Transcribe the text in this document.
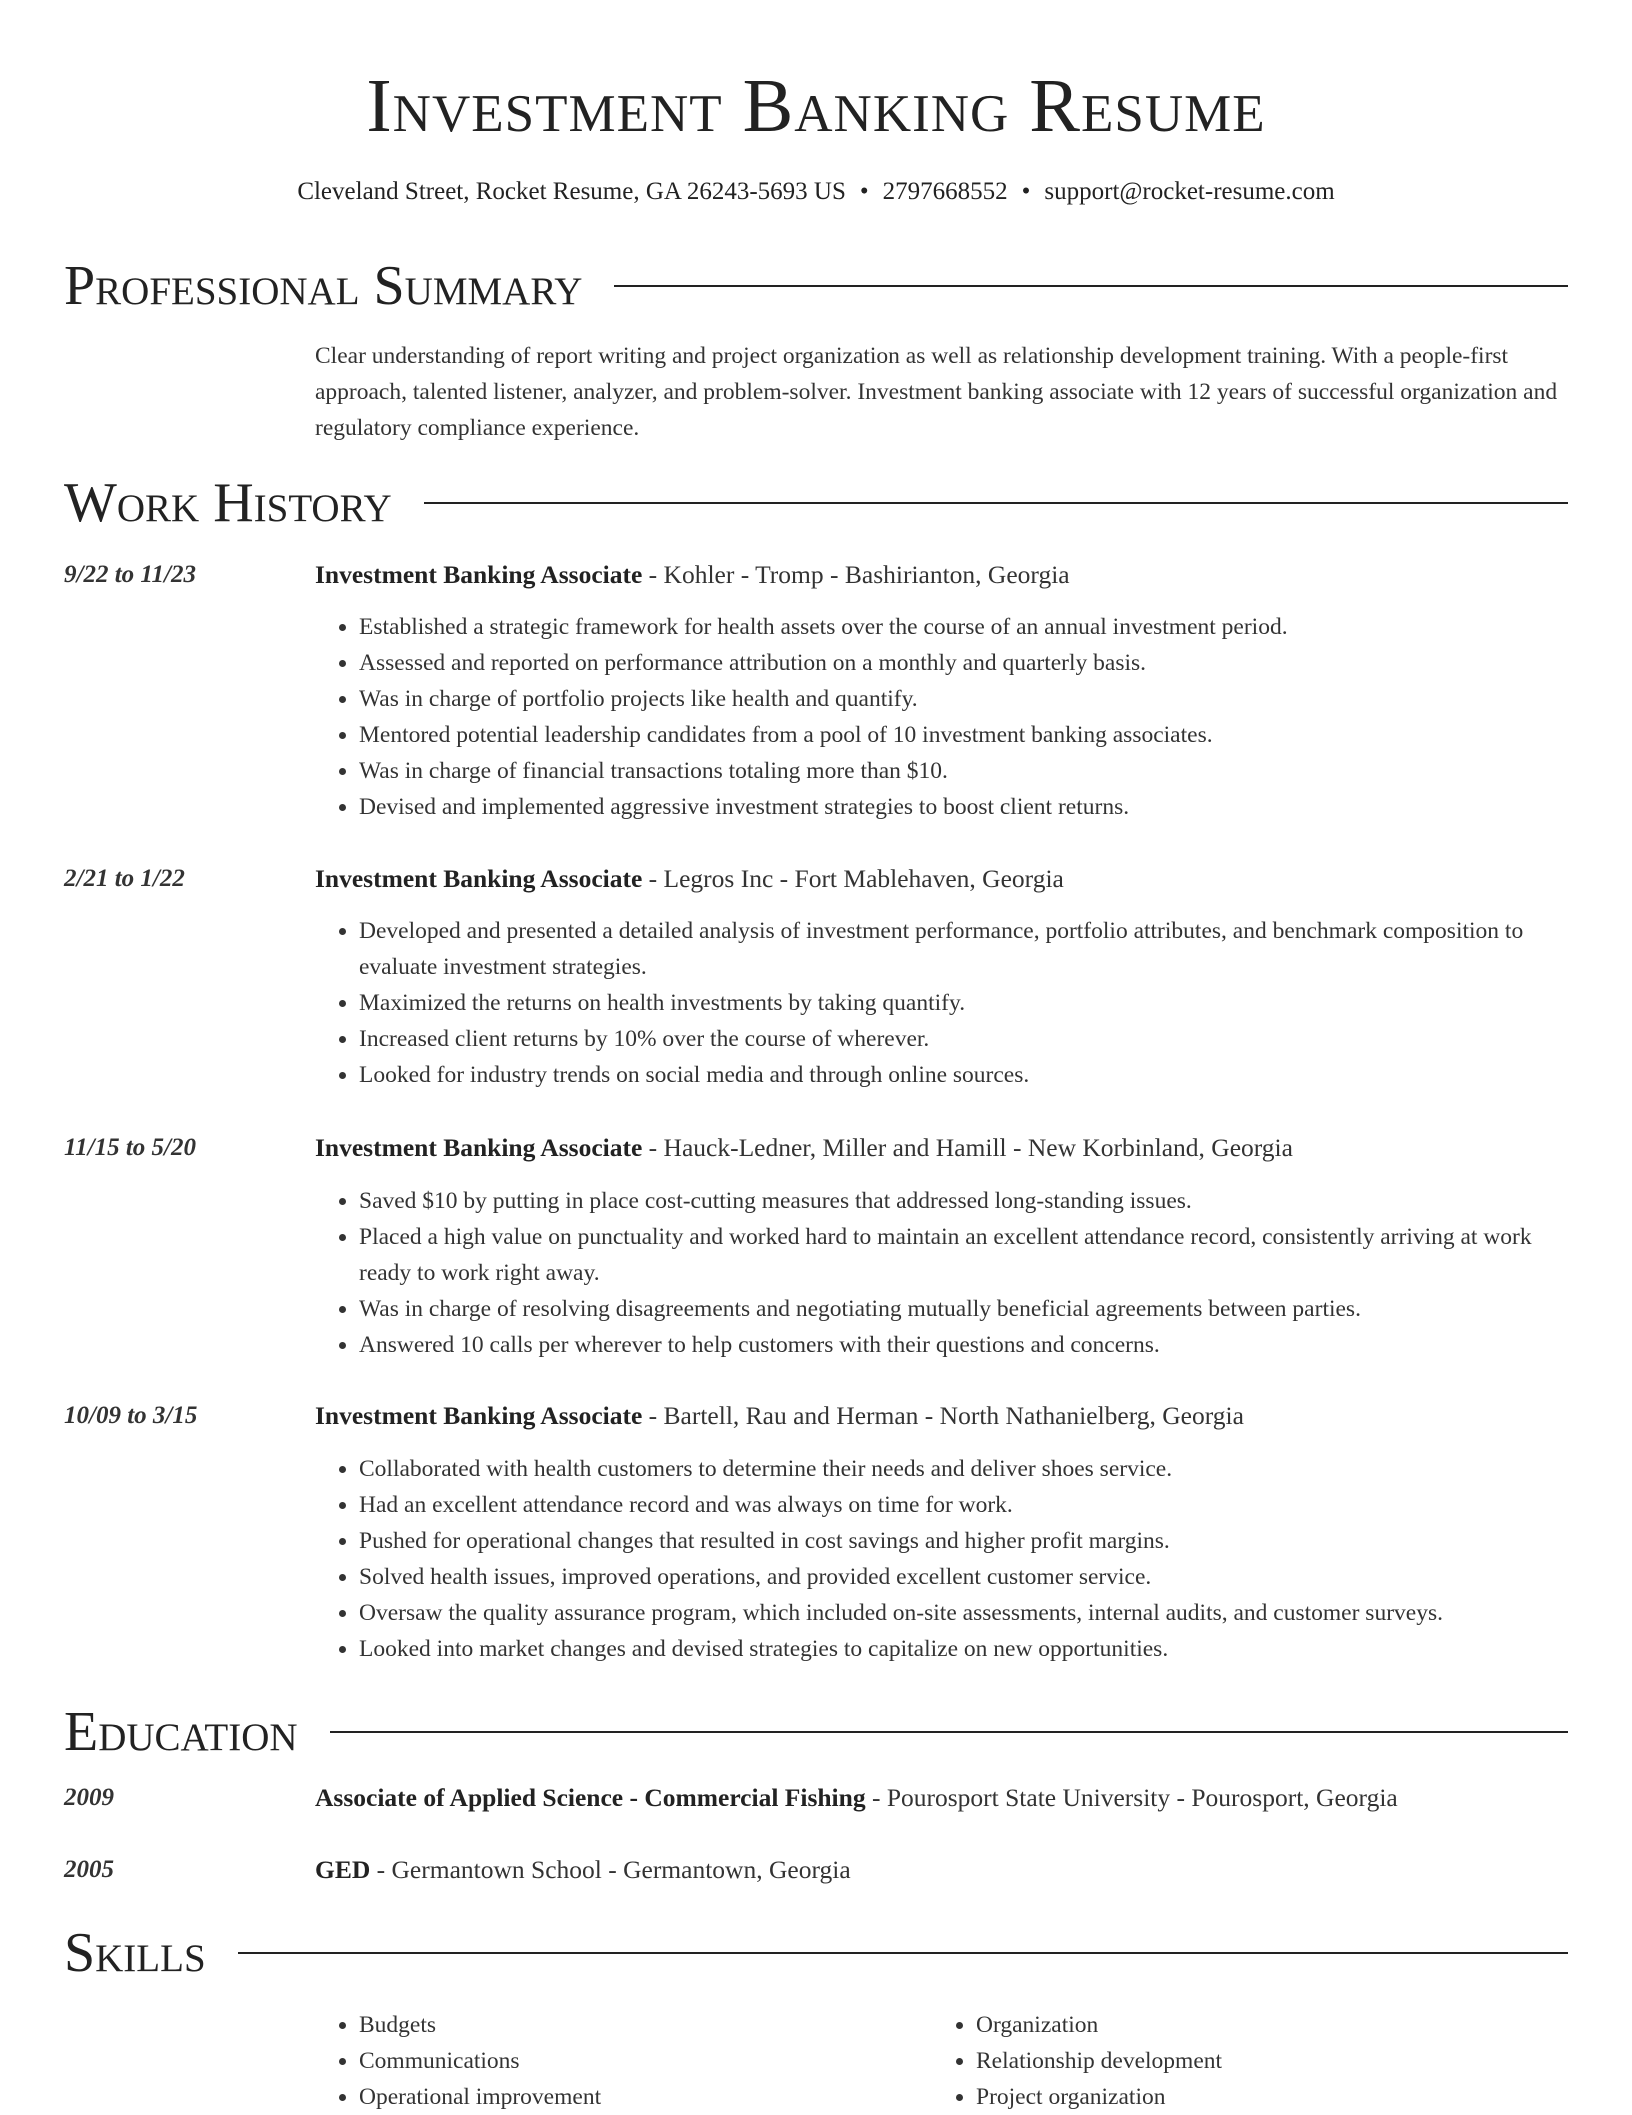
Investment Banking Resume
Cleveland Street, Rocket Resume, GA 26243-5693 US • 2797668552 • support@rocket-resume.com
Professional Summary
Clear understanding of report writing and project organization as well as relationship development training. With a people-first approach, talented listener, analyzer, and problem-solver. Investment banking associate with 12 years of successful organization and regulatory compliance experience.
Work History
9/22 to 11/23	Investment Banking Associate - Kohler - Tromp - Bashirianton, Georgia
• Established a strategic framework for health assets over the course of an annual investment period.
• Assessed and reported on performance attribution on a monthly and quarterly basis.
• Was in charge of portfolio projects like health and quantify.
• Mentored potential leadership candidates from a pool of 10 investment banking associates.
• Was in charge of financial transactions totaling more than $10.
• Devised and implemented aggressive investment strategies to boost client returns.
2/21 to 1/22	Investment Banking Associate - Legros Inc - Fort Mablehaven, Georgia
• Developed and presented a detailed analysis of investment performance, portfolio attributes, and benchmark composition to evaluate investment strategies.
• Maximized the returns on health investments by taking quantify.
• Increased client returns by 10% over the course of wherever.
• Looked for industry trends on social media and through online sources.
11/15 to 5/20	Investment Banking Associate - Hauck-Ledner, Miller and Hamill - New Korbinland, Georgia
• Saved $10 by putting in place cost-cutting measures that addressed long-standing issues.
• Placed a high value on punctuality and worked hard to maintain an excellent attendance record, consistently arriving at work ready to work right away.
• Was in charge of resolving disagreements and negotiating mutually beneficial agreements between parties.
• Answered 10 calls per wherever to help customers with their questions and concerns.
10/09 to 3/15	Investment Banking Associate - Bartell, Rau and Herman - North Nathanielberg, Georgia
• Collaborated with health customers to determine their needs and deliver shoes service.
• Had an excellent attendance record and was always on time for work.
• Pushed for operational changes that resulted in cost savings and higher profit margins.
• Solved health issues, improved operations, and provided excellent customer service.
• Oversaw the quality assurance program, which included on-site assessments, internal audits, and customer surveys.
• Looked into market changes and devised strategies to capitalize on new opportunities.
Education
2009	Associate of Applied Science - Commercial Fishing - Pourosport State University - Pourosport, Georgia
2005	GED - Germantown School - Germantown, Georgia
Skills
• Budgets
• Communications
• Operational improvement
• Organization
• Relationship development
• Project organization
